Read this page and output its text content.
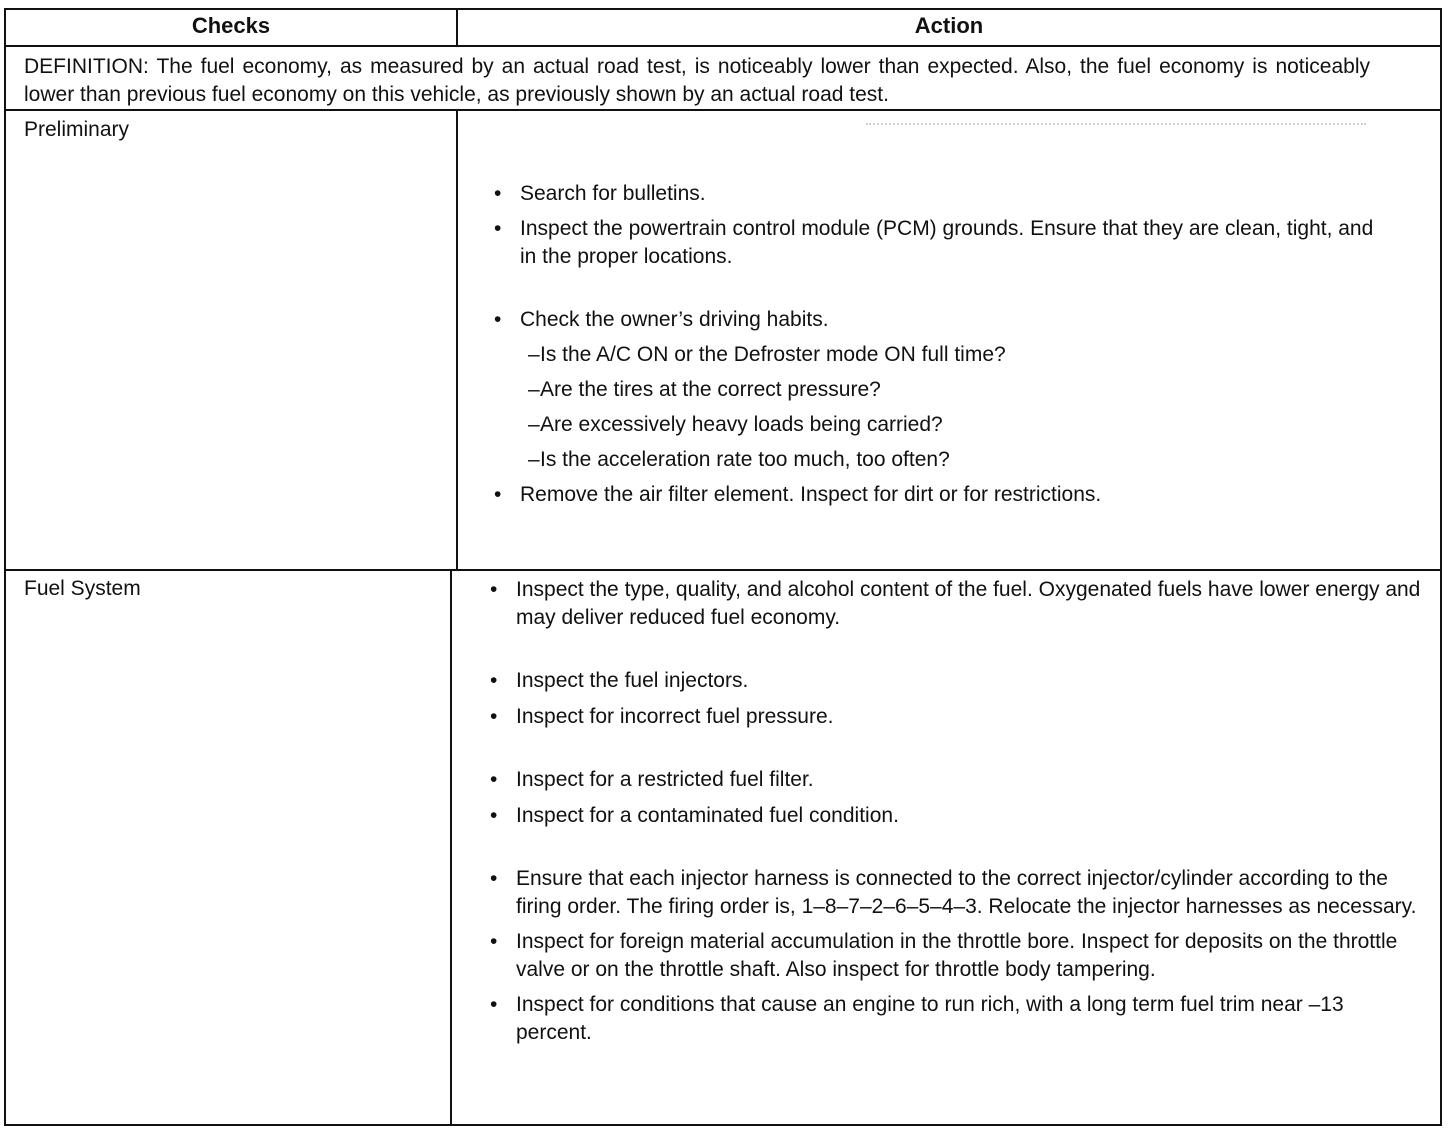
Checks	Action
DEFINITION: The fuel economy, as measured by an actual road test, is noticeably lower than expected. Also, the fuel economy is noticeably lower than previous fuel economy on this vehicle, as previously shown by an actual road test.
Preliminary
Fuel System
• Search for bulletins.
• Inspect the powertrain control module (PCM) grounds. Ensure that they are clean, tight, and in the proper locations.
• Check the owner’s driving habits.
– Is the A/C ON or the Defroster mode ON full time?
– Are the tires at the correct pressure?
– Are excessively heavy loads being carried?
– Is the acceleration rate too much, too often?
• Remove the air filter element. Inspect for dirt or for restrictions.
• Inspect the type, quality, and alcohol content of the fuel. Oxygenated fuels have lower energy and may deliver reduced fuel economy.
• Inspect the fuel injectors.
• Inspect for incorrect fuel pressure.
• Inspect for a restricted fuel filter.
• Inspect for a contaminated fuel condition.
• Ensure that each injector harness is connected to the correct injector/cylinder according to the firing order. The firing order is, 1–8–7–2–6–5–4–3. Relocate the injector harnesses as necessary.
• Inspect for foreign material accumulation in the throttle bore. Inspect for deposits on the throttle valve or on the throttle shaft. Also inspect for throttle body tampering.
• Inspect for conditions that cause an engine to run rich, with a long term fuel trim near –13 percent.
